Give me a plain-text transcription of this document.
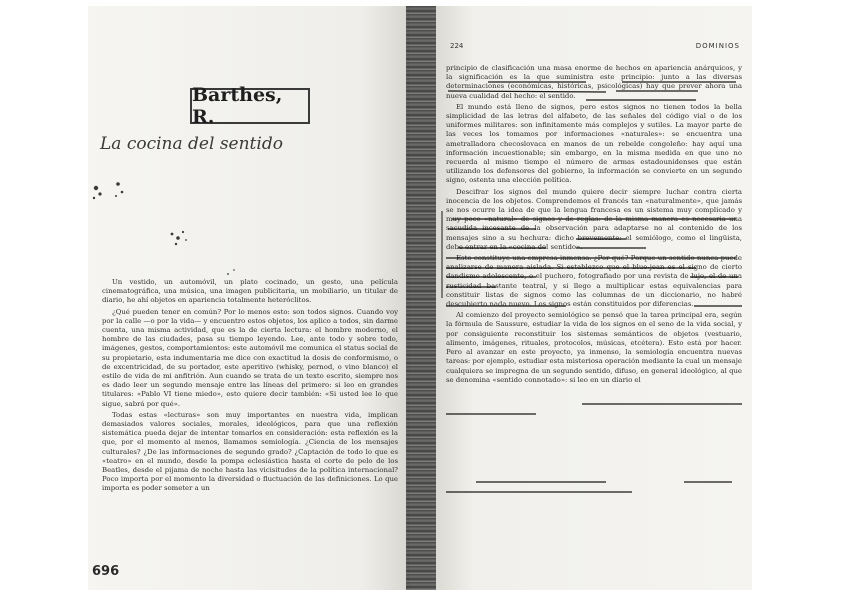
Barthes, R.
La cocina del sentido

Un vestido, un automóvil, un plato cocinado, un gesto, una película cinematográfica, una música, una imagen publicitaria, un mobiliario, un titular de diario, he ahí objetos en apariencia totalmente heteróclitos.

¿Qué pueden tener en común? Por lo menos esto: son todos signos. Cuando voy por la calle —o por la vida— y encuentro estos objetos, los aplico a todos, sin darme cuenta, una misma actividad, que es la de cierta lectura: el hombre moderno, el hombre de las ciudades, pasa su tiempo leyendo. Lee, ante todo y sobre todo, imágenes, gestos, comportamientos: este automóvil me comunica el status social de su propietario, esta indumentaria me dice con exactitud la dosis de conformismo, o de excentricidad, de su portador, este aperitivo (whisky, pernod, o vino blanco) el estilo de vida de mi anfitrión. Aun cuando se trata de un texto escrito, siempre nos es dado leer un segundo mensaje entre las líneas del primero: si leo en grandes titulares: «Pablo VI tiene miedo», esto quiere decir también: «Si usted lee lo que sigue, sabrá por qué».

Todas estas «lecturas» son muy importantes en nuestra vida, implican demasiados valores sociales, morales, ideológicos, para que una reflexión sistemática pueda dejar de intentar tomarlos en consideración: esta reflexión es la que, por el momento al menos, llamamos semiología. ¿Ciencia de los mensajes culturales? ¿De las informaciones de segundo grado? ¿Captación de todo lo que es «teatro» en el mundo, desde la pompa eclesiástica hasta el corte de pelo de los Beatles, desde el pijama de noche hasta las vicisitudes de la política internacional? Poco importa por el momento la diversidad o fluctuación de las definiciones. Lo que importa es poder someter a un

696
224	DOMINIOS

principio de clasificación una masa enorme de hechos en apariencia anárquicos, y la significación es la que suministra este principio: junto a las diversas determinaciones (económicas, históricas, psicológicas) hay que prever ahora una nueva cualidad del hecho: el sentido.

El mundo está lleno de signos, pero estos signos no tienen todos la bella simplicidad de las letras del alfabeto, de las señales del código vial o de los uniformes militares: son infinitamente más complejos y sutiles. La mayor parte de las veces los tomamos por informaciones «naturales»: se encuentra una ametralladora checoslovaca en manos de un rebelde congoleño: hay aquí una información incuestionable; sin embargo, en la misma medida en que uno no recuerda al mismo tiempo el número de armas estadounidenses que están utilizando los defensores del gobierno, la información se convierte en un segundo signo, ostenta una elección política.

Descifrar los signos del mundo quiere decir siempre luchar contra cierta inocencia de los objetos. Comprendemos el francés tan «naturalmente», que jamás se nos ocurre la idea de que la lengua francesa es un sistema muy complicado y muy poco «natural» de signos y de reglas: de la misma manera es necesaria una sacudida incesante de la observación para adaptarse no al contenido de los mensajes sino a su hechura: dicho brevemente: el semiólogo, como el lingüista, debe entrar en la «cocina del sentido».

Esto constituye una empresa inmensa. ¿Por qué? Porque un sentido nunca puede analizarse de manera aislada. Si establezco que el blue-jean es el signo de cierto dandismo adolescente, o el puchero, fotografiado por una revista de lujo, el de una rusticidad bastante teatral, y si llego a multiplicar estas equivalencias para constituir listas de signos como las columnas de un diccionario, no habré descubierto nada nuevo. Los signos están constituidos por diferencias.

Al comienzo del proyecto semiológico se pensó que la tarea principal era, según la fórmula de Saussure, estudiar la vida de los signos en el seno de la vida social, y por consiguiente reconstituir los sistemas semánticos de objetos (vestuario, alimento, imágenes, rituales, protocolos, músicas, etcétera). Esto está por hacer. Pero al avanzar en este proyecto, ya inmenso, la semiología encuentra nuevas tareas: por ejemplo, estudiar esta misteriosa operación mediante la cual un mensaje cualquiera se impregna de un segundo sentido, difuso, en general ideológico, al que se denomina «sentido connotado»: si leo en un diario el
